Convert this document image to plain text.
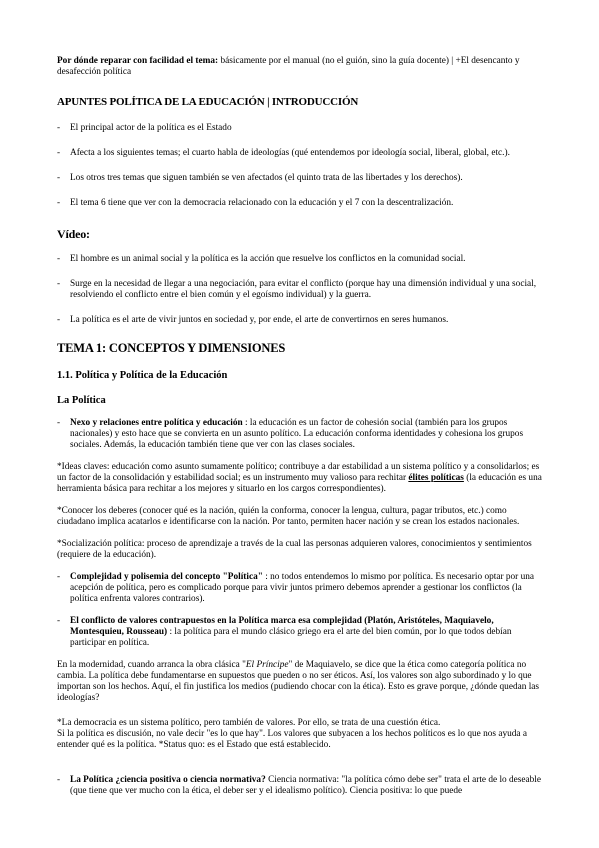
Por dónde reparar con facilidad el tema: básicamente por el manual (no el guión, sino la guía docente) | +El desencanto y desafección política

APUNTES POLÍTICA DE LA EDUCACIÓN | INTRODUCCIÓN
- El principal actor de la política es el Estado
- Afecta a los siguientes temas; el cuarto habla de ideologías (qué entendemos por ideología social, liberal, global, etc.).
- Los otros tres temas que siguen también se ven afectados (el quinto trata de las libertades y los derechos).
- El tema 6 tiene que ver con la democracia relacionado con la educación y el 7 con la descentralización.
Vídeo:
- El hombre es un animal social y la política es la acción que resuelve los conflictos en la comunidad social.
- Surge en la necesidad de llegar a una negociación, para evitar el conflicto (porque hay una dimensión individual y una social, resolviendo el conflicto entre el bien común y el egoísmo individual) y la guerra.
- La política es el arte de vivir juntos en sociedad y, por ende, el arte de convertirnos en seres humanos.
TEMA 1: CONCEPTOS Y DIMENSIONES
1.1. Política y Política de la Educación
La Política
- Nexo y relaciones entre política y educación : la educación es un factor de cohesión social (también para los grupos nacionales) y esto hace que se convierta en un asunto político. La educación conforma identidades y cohesiona los grupos sociales. Además, la educación también tiene que ver con las clases sociales.

*Ideas claves: educación como asunto sumamente político; contribuye a dar estabilidad a un sistema político y a consolidarlos; es un factor de la consolidación y estabilidad social; es un instrumento muy valioso para rechitar élites políticas (la educación es una herramienta básica para rechitar a los mejores y situarlo en los cargos correspondientes).

*Conocer los deberes (conocer qué es la nación, quién la conforma, conocer la lengua, cultura, pagar tributos, etc.) como ciudadano implica acatarlos e identificarse con la nación. Por tanto, permiten hacer nación y se crean los estados nacionales.

*Socialización política: proceso de aprendizaje a través de la cual las personas adquieren valores, conocimientos y sentimientos (requiere de la educación).

- Complejidad y polisemia del concepto "Política" : no todos entendemos lo mismo por política. Es necesario optar por una acepción de política, pero es complicado porque para vivir juntos primero debemos aprender a gestionar los conflictos (la política enfrenta valores contrarios).
- El conflicto de valores contrapuestos en la Política marca esa complejidad (Platón, Aristóteles, Maquiavelo, Montesquieu, Rousseau) : la política para el mundo clásico griego era el arte del bien común, por lo que todos debían participar en política.

En la modernidad, cuando arranca la obra clásica "El Príncipe" de Maquiavelo, se dice que la ética como categoría política no cambia. La política debe fundamentarse en supuestos que pueden o no ser éticos. Así, los valores son algo subordinado y lo que importan son los hechos. Aquí, el fin justifica los medios (pudiendo chocar con la ética). Esto es grave porque, ¿dónde quedan las ideologías?

*La democracia es un sistema político, pero también de valores. Por ello, se trata de una cuestión ética.
Si la política es discusión, no vale decir "es lo que hay". Los valores que subyacen a los hechos políticos es lo que nos ayuda a entender qué es la política. *Status quo: es el Estado que está establecido.

- La Política ¿ciencia positiva o ciencia normativa? Ciencia normativa: "la política cómo debe ser" trata el arte de lo deseable (que tiene que ver mucho con la ética, el deber ser y el idealismo político). Ciencia positiva: lo que puede
